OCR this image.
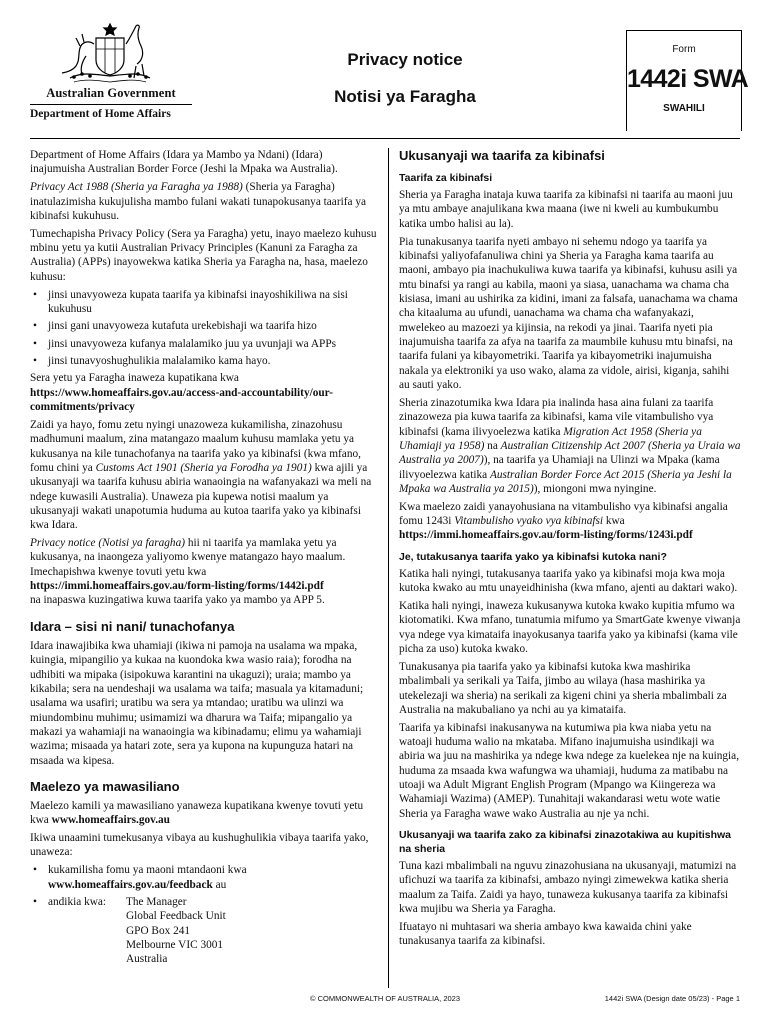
Australian Government
Department of Home Affairs
Privacy notice
Notisi ya Faragha
Form
1442i SWA
SWAHILI

Department of Home Affairs (Idara ya Mambo ya Ndani) (Idara) inajumuisha Australian Border Force (Jeshi la Mpaka wa Australia).

Privacy Act 1988 (Sheria ya Faragha ya 1988) (Sheria ya Faragha) inatulazimisha kukujulisha mambo fulani wakati tunapokusanya taarifa ya kibinafsi kukuhusu.

Tumechapisha Privacy Policy (Sera ya Faragha) yetu, inayo maelezo kuhusu mbinu yetu ya kutii Australian Privacy Principles (Kanuni za Faragha za Australia) (APPs) inayowekwa katika Sheria ya Faragha na, hasa, maelezo kuhusu:

• jinsi unavyoweza kupata taarifa ya kibinafsi inayoshikiliwa na sisi kukuhusu
• jinsi gani unavyoweza kutafuta urekebishaji wa taarifa hizo
• jinsi unavyoweza kufanya malalamiko juu ya uvunjaji wa APPs
• jinsi tunavyoshughulikia malalamiko kama hayo.

Sera yetu ya Faragha inaweza kupatikana kwa
https://www.homeaffairs.gov.au/access-and-accountability/our-commitments/privacy

Zaidi ya hayo, fomu zetu nyingi unazoweza kukamilisha, zinazohusu madhumuni maalum, zina matangazo maalum kuhusu mamlaka yetu ya kukusanya na kile tunachofanya na taarifa yako ya kibinafsi (kwa mfano, fomu chini ya Customs Act 1901 (Sheria ya Forodha ya 1901) kwa ajili ya ukusanyaji wa taarifa kuhusu abiria wanaoingia na wafanyakazi wa meli na ndege kuwasili Australia). Unaweza pia kupewa notisi maalum ya ukusanyaji wakati unapotumia huduma au kutoa taarifa yako ya kibinafsi kwa Idara.

Privacy notice (Notisi ya faragha) hii ni taarifa ya mamlaka yetu ya kukusanya, na inaongeza yaliyomo kwenye matangazo hayo maalum. Imechapishwa kwenye tovuti yetu kwa
https://immi.homeaffairs.gov.au/form-listing/forms/1442i.pdf
na inapaswa kuzingatiwa kuwa taarifa yako ya mambo ya APP 5.

Idara – sisi ni nani/ tunachofanya

Idara inawajibika kwa uhamiaji (ikiwa ni pamoja na usalama wa mpaka, kuingia, mipangilio ya kukaa na kuondoka kwa wasio raia); forodha na udhibiti wa mipaka (isipokuwa karantini na ukaguzi); uraia; mambo ya kikabila; sera na uendeshaji wa usalama wa taifa; masuala ya kitamaduni; usalama wa usafiri; uratibu wa sera ya mtandao; uratibu wa ulinzi wa miundombinu muhimu; usimamizi wa dharura wa Taifa; mipangalio ya makazi ya wahamiaji na wanaoingia wa kibinadamu; elimu ya wahamiaji wazima; misaada ya hatari zote, sera ya kupona na kupunguza hatari na msaada wa kipesa.

Maelezo ya mawasiliano

Maelezo kamili ya mawasiliano yanaweza kupatikana kwenye tovuti yetu kwa www.homeaffairs.gov.au

Ikiwa unaamini tumekusanya vibaya au kushughulikia vibaya taarifa yako, unaweza:

• kukamilisha fomu ya maoni mtandaoni kwa
www.homeaffairs.gov.au/feedback au
• andikia kwa:	The Manager
Global Feedback Unit
GPO Box 241
Melbourne VIC 3001
Australia
Ukusanyaji wa taarifa za kibinafsi
Taarifa za kibinafsi

Sheria ya Faragha inataja kuwa taarifa za kibinafsi ni taarifa au maoni juu ya mtu ambaye anajulikana kwa maana (iwe ni kweli au kumbukumbu katika umbo halisi au la).

Pia tunakusanya taarifa nyeti ambayo ni sehemu ndogo ya taarifa ya kibinafsi yaliyofafanuliwa chini ya Sheria ya Faragha kama taarifa au maoni, ambayo pia inachukuliwa kuwa taarifa ya kibinafsi, kuhusu asili ya mtu binafsi ya rangi au kabila, maoni ya siasa, uanachama wa chama cha kisiasa, imani au ushirika za kidini, imani za falsafa, uanachama wa chama cha kitaaluma au ufundi, uanachama wa chama cha wafanyakazi, mwelekeo au mazoezi ya kijinsia, na rekodi ya jinai. Taarifa nyeti pia inajumuisha taarifa za afya na taarifa za maumbile kuhusu mtu binafsi, na taarifa fulani ya kibayometriki. Taarifa ya kibayometriki inajumuisha nakala ya elektroniki ya uso wako, alama za vidole, airisi, kiganja, sahihi au sauti yako.

Sheria zinazotumika kwa Idara pia inalinda hasa aina fulani za taarifa zinazoweza pia kuwa taarifa za kibinafsi, kama vile vitambulisho vya kibinafsi (kama ilivyoelezwa katika Migration Act 1958 (Sheria ya Uhamiaji ya 1958) na Australian Citizenship Act 2007 (Sheria ya Uraia wa Australia ya 2007)), na taarifa ya Uhamiaji na Ulinzi wa Mpaka (kama ilivyoelezwa katika Australian Border Force Act 2015 (Sheria ya Jeshi la Mpaka wa Australia ya 2015)), miongoni mwa nyingine.

Kwa maelezo zaidi yanayohusiana na vitambulisho vya kibinafsi angalia fomu 1243i Vitambulisho vyako vya kibinafsi kwa
https://immi.homeaffairs.gov.au/form-listing/forms/1243i.pdf

Je, tutakusanya taarifa yako ya kibinafsi kutoka nani?

Katika hali nyingi, tutakusanya taarifa yako ya kibinafsi moja kwa moja kutoka kwako au mtu unayeidhinisha (kwa mfano, ajenti au daktari wako).

Katika hali nyingi, inaweza kukusanywa kutoka kwako kupitia mfumo wa kiotomatiki. Kwa mfano, tunatumia mifumo ya SmartGate kwenye viwanja vya ndege vya kimataifa inayokusanya taarifa yako ya kibinafsi (kama vile picha za uso) kutoka kwako.

Tunakusanya pia taarifa yako ya kibinafsi kutoka kwa mashirika mbalimbali ya serikali ya Taifa, jimbo au wilaya (hasa mashirika ya utekelezaji wa sheria) na serikali za kigeni chini ya sheria mbalimbali za Australia na makubaliano ya nchi au ya kimataifa.

Taarifa ya kibinafsi inakusanywa na kutumiwa pia kwa niaba yetu na watoaji huduma walio na mkataba. Mifano inajumuisha usindikaji wa abiria wa juu na mashirika ya ndege kwa ndege za kuelekea nje na kuingia, huduma za msaada kwa wafungwa wa uhamiaji, huduma za matibabu na utoaji wa Adult Migrant English Program (Mpango wa Kiingereza wa Wahamiaji Wazima) (AMEP). Tunahitaji wakandarasi wetu wote watie Sheria ya Faragha wawe wako Australia au nje ya nchi.

Ukusanyaji wa taarifa zako za kibinafsi zinazotakiwa au kupitishwa na sheria

Tuna kazi mbalimbali na nguvu zinazohusiana na ukusanyaji, matumizi na ufichuzi wa taarifa za kibinafsi, ambazo nyingi zimewekwa katika sheria maalum za Taifa. Zaidi ya hayo, tunaweza kukusanya taarifa za kibinafsi kwa mujibu wa Sheria ya Faragha.

Ifuatayo ni muhtasari wa sheria ambayo kwa kawaida chini yake tunakusanya taarifa za kibinafsi.

© COMMONWEALTH OF AUSTRALIA, 2023	1442i SWA (Design date 05/23) - Page 1
